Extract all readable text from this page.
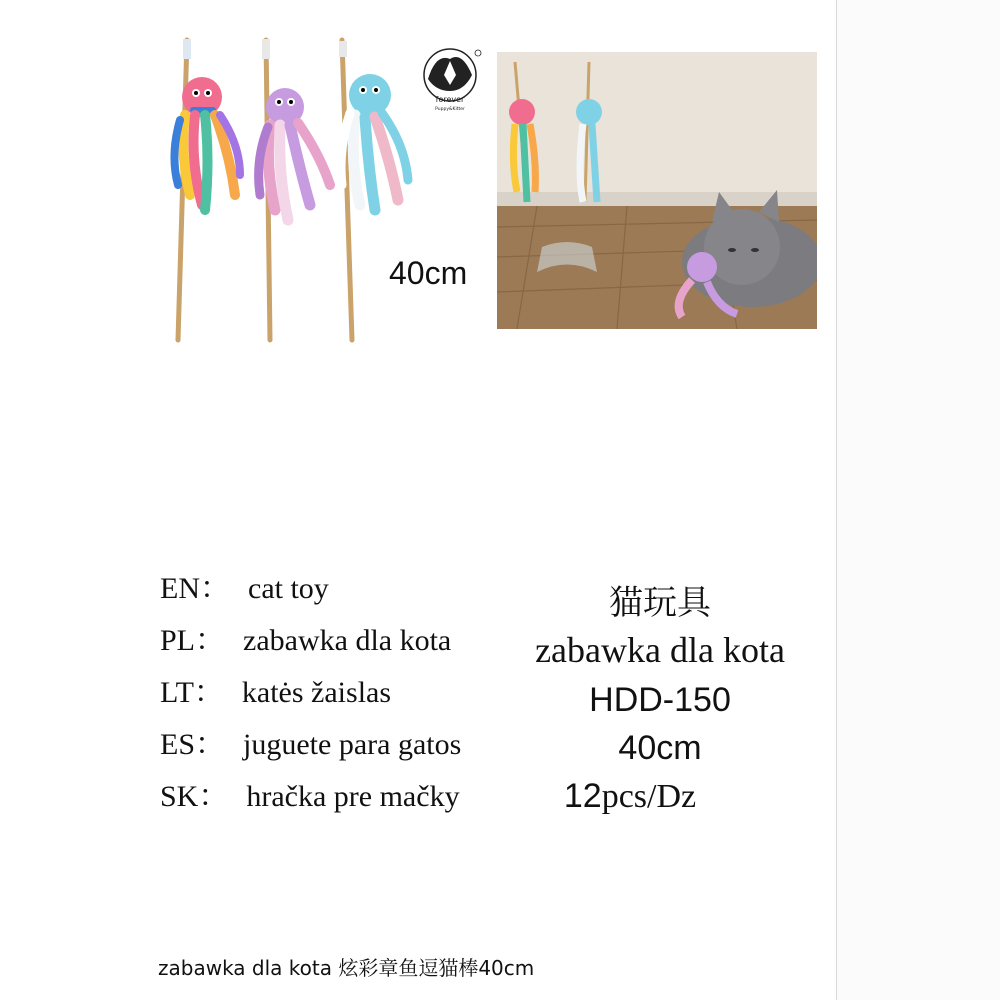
forever
Puppy&Kitter
40cm
EN： cat toy
PL： zabawka dla kota
LT： katės žaislas
ES： juguete para gatos
SK： hračka pre mačky
猫玩具
zabawka dla kota
HDD-150
40cm
12pcs/Dz
zabawka dla kota 炫彩章鱼逗猫棒40cm
